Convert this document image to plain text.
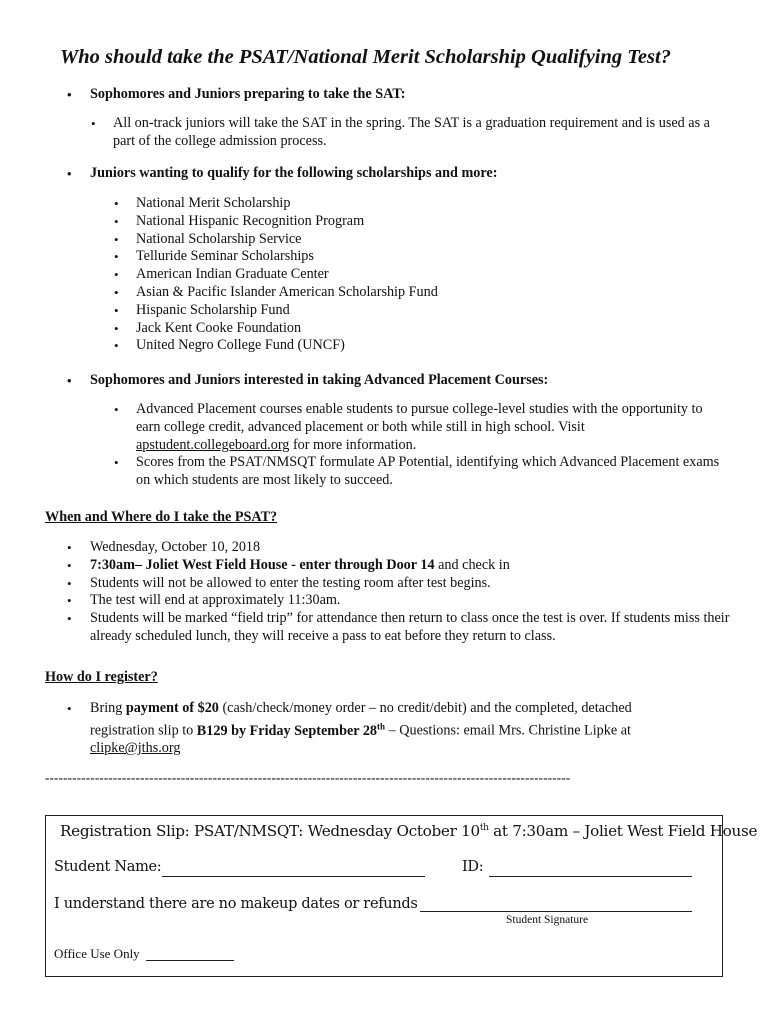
Who should take the PSAT/National Merit Scholarship Qualifying Test?
• Sophomores and Juniors preparing to take the SAT:
• All on-track juniors will take the SAT in the spring. The SAT is a graduation requirement and is used as a part of the college admission process.
• Juniors wanting to qualify for the following scholarships and more:
• National Merit Scholarship
• National Hispanic Recognition Program
• National Scholarship Service
• Telluride Seminar Scholarships
• American Indian Graduate Center
• Asian & Pacific Islander American Scholarship Fund
• Hispanic Scholarship Fund
• Jack Kent Cooke Foundation
• United Negro College Fund (UNCF)
• Sophomores and Juniors interested in taking Advanced Placement Courses:
• Advanced Placement courses enable students to pursue college-level studies with the opportunity to earn college credit, advanced placement or both while still in high school. Visit apstudent.collegeboard.org for more information.
• Scores from the PSAT/NMSQT formulate AP Potential, identifying which Advanced Placement exams on which students are most likely to succeed.
When and Where do I take the PSAT?
• Wednesday, October 10, 2018
• 7:30am– Joliet West Field House - enter through Door 14 and check in
• Students will not be allowed to enter the testing room after test begins.
• The test will end at approximately 11:30am.
• Students will be marked “field trip” for attendance then return to class once the test is over. If students miss their already scheduled lunch, they will receive a pass to eat before they return to class.
How do I register?
• Bring payment of $20 (cash/check/money order – no credit/debit) and the completed, detached registration slip to B129 by Friday September 28th – Questions: email Mrs. Christine Lipke at
clipke@jths.org
--------------------------------------------------------------------------------------------------------------------
Registration Slip: PSAT/NMSQT: Wednesday October 10th at 7:30am – Joliet West Field House
Student Name:	ID:
I understand there are no makeup dates or refunds
Student Signature
Office Use Only
